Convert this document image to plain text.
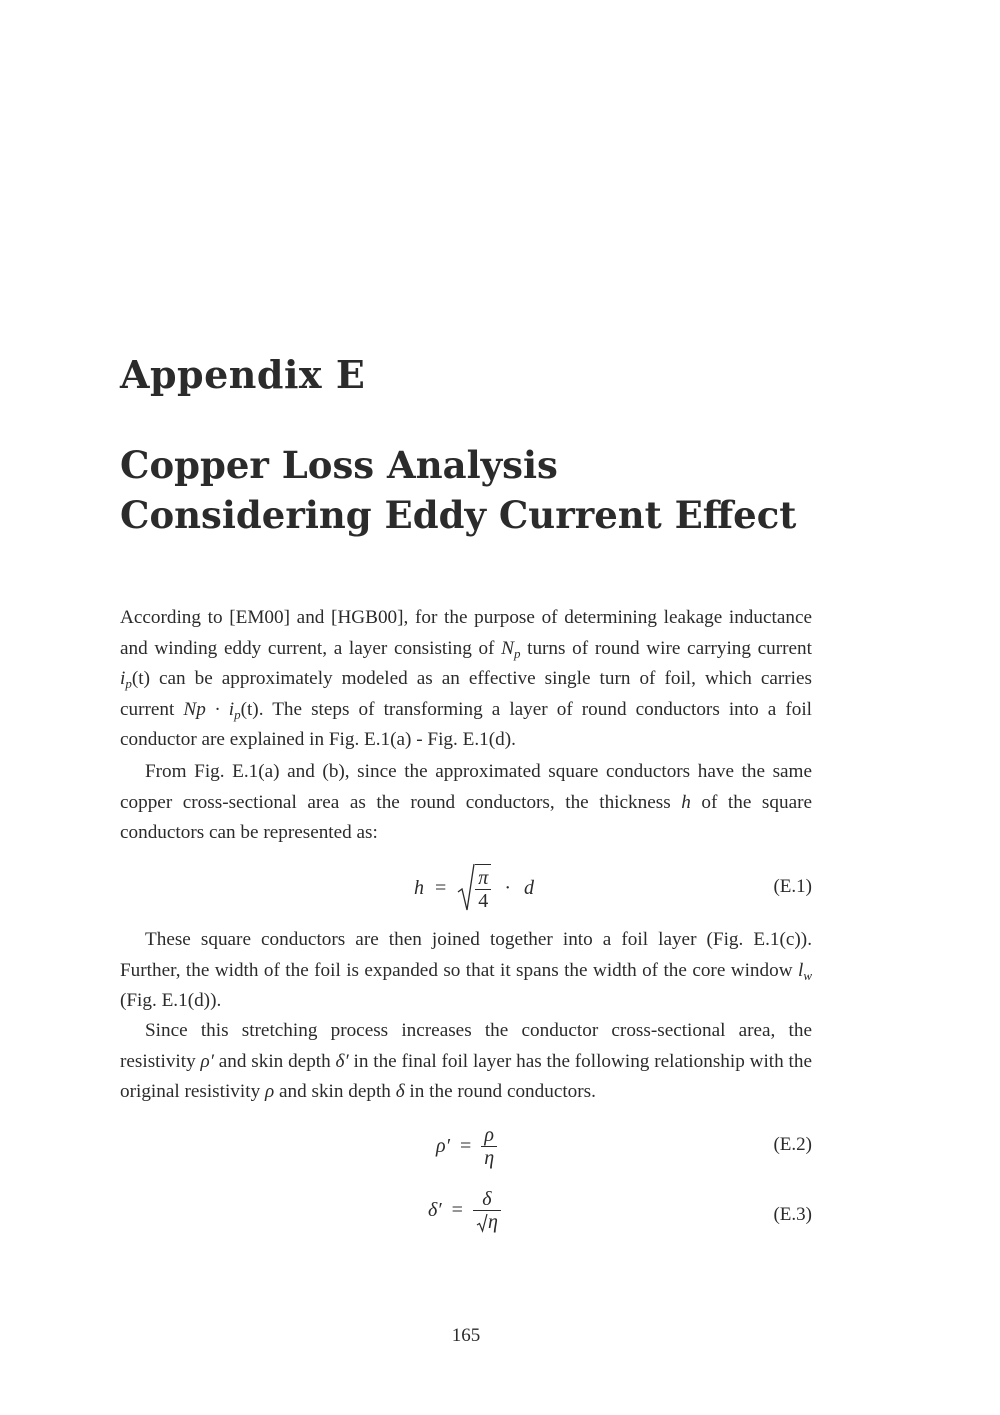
Appendix E
Copper Loss Analysis
Considering Eddy Current Effect

According to [EM00] and [HGB00], for the purpose of determining leakage inductance and winding eddy current, a layer consisting of $N_p$ turns of round wire carrying current $i_p(t)$ can be approximately modeled as an effective single turn of foil, which carries current $Np \cdot i_p(t)$. The steps of transforming a layer of round conductors into a foil conductor are explained in Fig. E.1(a) - Fig. E.1(d).

From Fig. E.1(a) and (b), since the approximated square conductors have the same copper cross-sectional area as the round conductors, the thickness h of the square conductors can be represented as:

$h = \frac{\pi}{4} \cdot d$	(E.1)

These square conductors are then joined together into a foil layer (Fig. E.1(c)). Further, the width of the foil is expanded so that it spans the width of the core window $l_w$ (Fig. E.1(d)).

Since this stretching process increases the conductor cross-sectional area, the resistivity ρ′ and skin depth δ′ in the final foil layer has the following relationship with the original resistivity ρ and skin depth δ in the round conductors.

$\rho' = \frac{\rho}{\eta}$	(E.2)
$\delta' = \frac{\delta}{\eta}$	(E.3)

165
